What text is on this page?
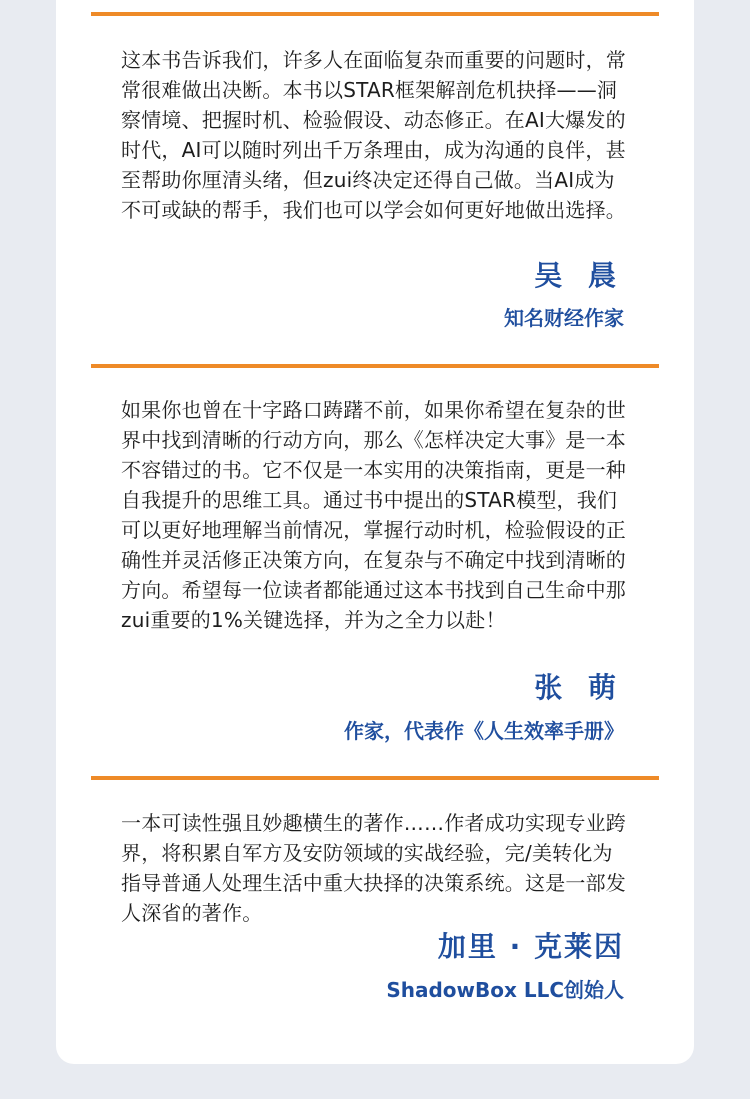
这本书告诉我们，许多人在面临复杂而重要的问题时，常常很难做出决断。本书以STAR框架解剖危机抉择——洞察情境、把握时机、检验假设、动态修正。在AI大爆发的时代，AI可以随时列出千万条理由，成为沟通的良伴，甚至帮助你厘清头绪，但zui终决定还得自己做。当AI成为不可或缺的帮手，我们也可以学会如何更好地做出选择。

吴 晨

知名财经作家

如果你也曾在十字路口踌躇不前，如果你希望在复杂的世界中找到清晰的行动方向，那么《怎样决定大事》是一本不容错过的书。它不仅是一本实用的决策指南，更是一种自我提升的思维工具。通过书中提出的STAR模型，我们可以更好地理解当前情况，掌握行动时机，检验假设的正确性并灵活修正决策方向，在复杂与不确定中找到清晰的方向。希望每一位读者都能通过这本书找到自己生命中那zui重要的1%关键选择，并为之全力以赴！

张 萌

作家，代表作《人生效率手册》

一本可读性强且妙趣横生的著作……作者成功实现专业跨界，将积累自军方及安防领域的实战经验，完/美转化为指导普通人处理生活中重大抉择的决策系统。这是一部发人深省的著作。

加里 · 克莱因

ShadowBox LLC创始人
